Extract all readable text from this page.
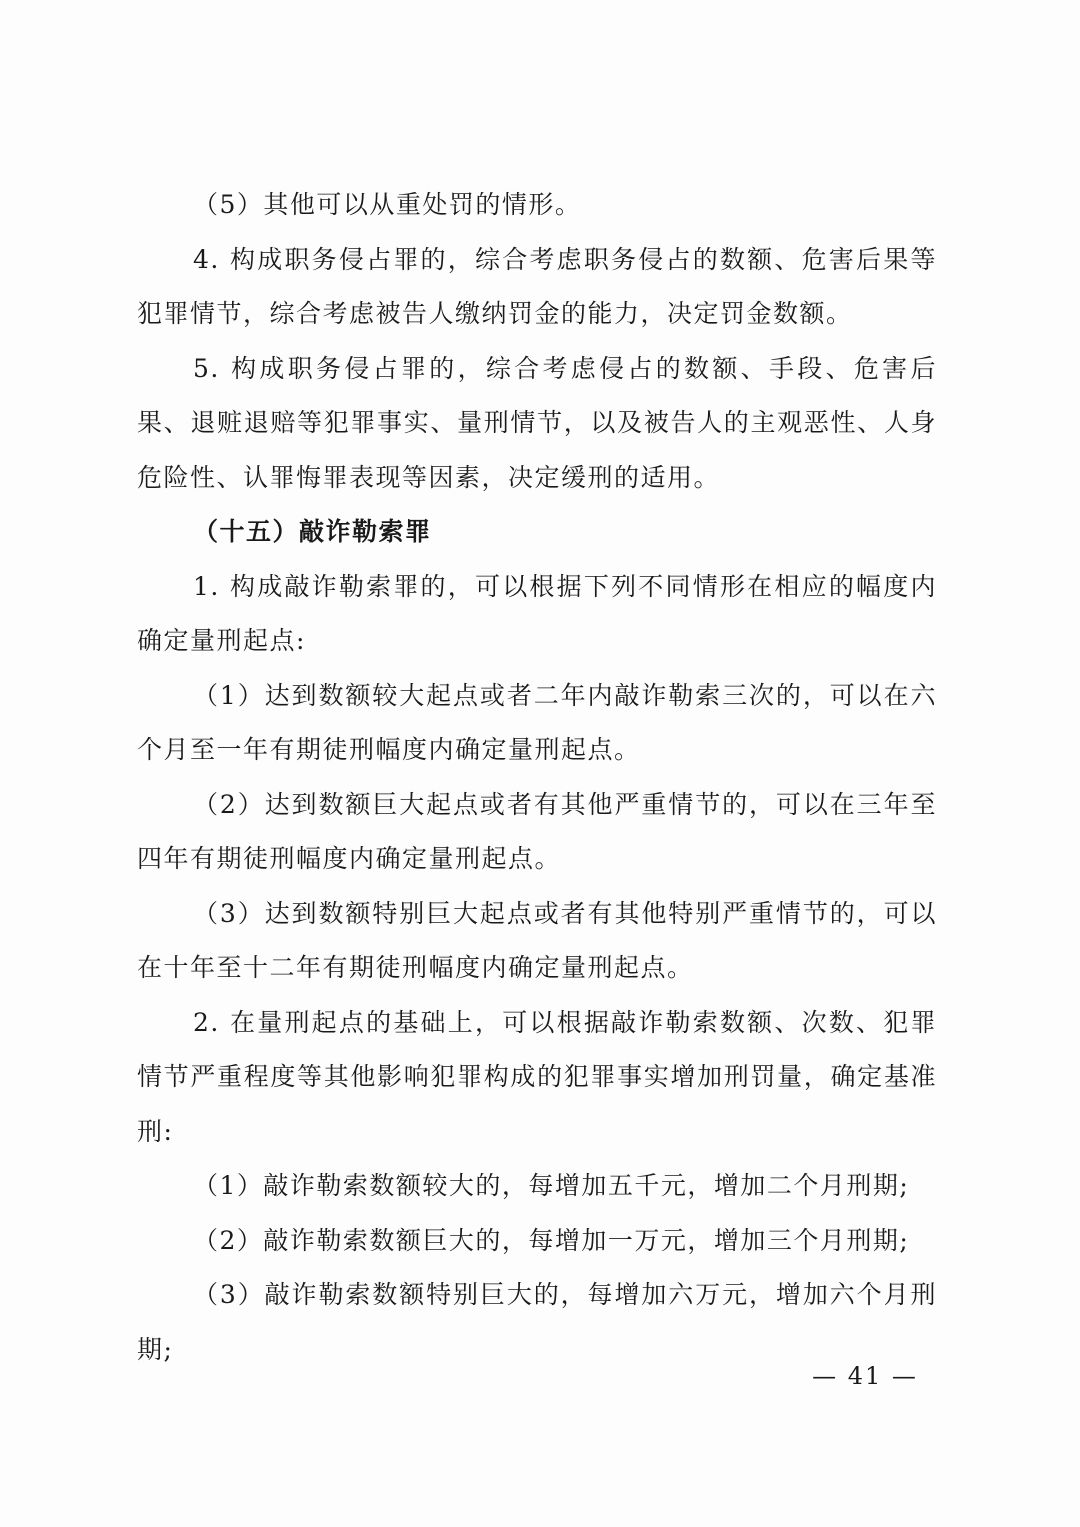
（5）其他可以从重处罚的情形。

4. 构成职务侵占罪的，综合考虑职务侵占的数额、危害后果等犯罪情节，综合考虑被告人缴纳罚金的能力，决定罚金数额。

5. 构成职务侵占罪的，综合考虑侵占的数额、手段、危害后果、退赃退赔等犯罪事实、量刑情节，以及被告人的主观恶性、人身危险性、认罪悔罪表现等因素，决定缓刑的适用。

（十五）敲诈勒索罪

1. 构成敲诈勒索罪的，可以根据下列不同情形在相应的幅度内确定量刑起点:

（1）达到数额较大起点或者二年内敲诈勒索三次的，可以在六个月至一年有期徒刑幅度内确定量刑起点。

（2）达到数额巨大起点或者有其他严重情节的，可以在三年至四年有期徒刑幅度内确定量刑起点。

（3）达到数额特别巨大起点或者有其他特别严重情节的，可以在十年至十二年有期徒刑幅度内确定量刑起点。

2. 在量刑起点的基础上，可以根据敲诈勒索数额、次数、犯罪情节严重程度等其他影响犯罪构成的犯罪事实增加刑罚量，确定基准刑:

（1）敲诈勒索数额较大的，每增加五千元，增加二个月刑期;

（2）敲诈勒索数额巨大的，每增加一万元，增加三个月刑期;

（3）敲诈勒索数额特别巨大的，每增加六万元，增加六个月刑期;

— 41 —
